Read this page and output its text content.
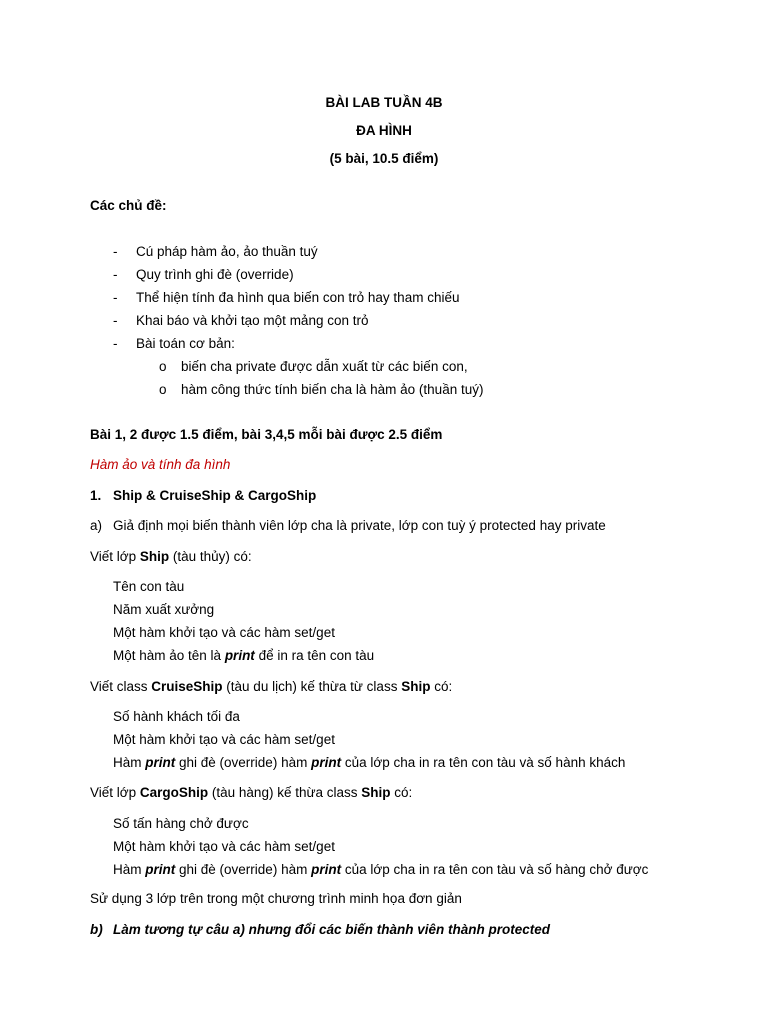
BÀI LAB TUẦN 4B
ĐA HÌNH
(5 bài, 10.5 điểm)
Các chủ đề:
- Cú pháp hàm ảo, ảo thuần tuý
- Quy trình ghi đè (override)
- Thể hiện tính đa hình qua biến con trỏ hay tham chiếu
- Khai báo và khởi tạo một mảng con trỏ
- Bài toán cơ bản:
o biến cha private được dẫn xuất từ các biến con,
o hàm công thức tính biến cha là hàm ảo (thuần tuý)
Bài 1, 2 được 1.5 điểm, bài 3,4,5 mỗi bài được 2.5 điểm
Hàm ảo và tính đa hình
1. Ship & CruiseShip & CargoShip
a) Giả định mọi biến thành viên lớp cha là private, lớp con tuỳ ý protected hay private
Viết lớp Ship (tàu thủy) có:
Tên con tàu
Năm xuất xưởng
Một hàm khởi tạo và các hàm set/get
Một hàm ảo tên là print để in ra tên con tàu
Viết class CruiseShip (tàu du lịch) kế thừa từ class Ship có:
Số hành khách tối đa
Một hàm khởi tạo và các hàm set/get
Hàm print ghi đè (override) hàm print của lớp cha in ra tên con tàu và số hành khách
Viết lớp CargoShip (tàu hàng) kế thừa class Ship có:
Số tấn hàng chở được
Một hàm khởi tạo và các hàm set/get
Hàm print ghi đè (override) hàm print của lớp cha in ra tên con tàu và số hàng chở được
Sử dụng 3 lớp trên trong một chương trình minh họa đơn giản
b) Làm tương tự câu a) nhưng đổi các biến thành viên thành protected
